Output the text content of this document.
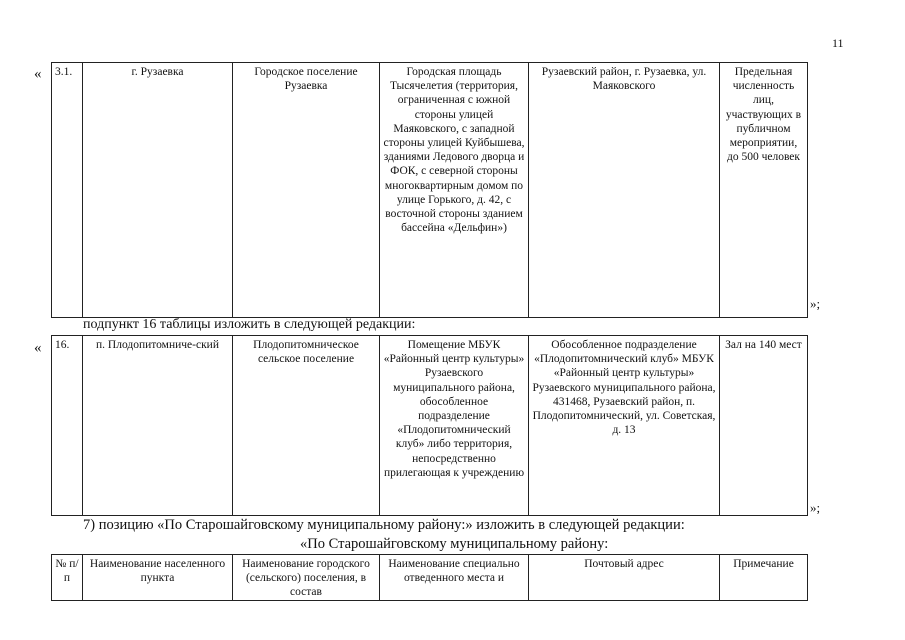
11
« 3.1.	г. Рузаевка	Городское поселение Рузаевка	Городская площадь Тысячелетия (территория, ограниченная с южной стороны улицей Маяковского, с западной стороны улицей Куйбышева, зданиями Ледового дворца и ФОК, с северной стороны многоквартирным домом по улице Горького, д. 42, с восточной стороны зданием бассейна «Дельфин»)	Рузаевский район, г. Рузаевка, ул. Маяковского	Предельная численность лиц, участвующих в публичном мероприятии, до 500 человек
»;
подпункт 16 таблицы изложить в следующей редакции:
« 16.	п. Плодопитомниче-ский	Плодопитомническое сельское поселение	Помещение МБУК «Районный центр культуры» Рузаевского муниципального района, обособленное подразделение «Плодопитомнический клуб» либо территория, непосредственно прилегающая к учреждению	Обособленное подразделение «Плодопитомнический клуб» МБУК «Районный центр культуры» Рузаевского муниципального района, 431468, Рузаевский район, п. Плодопитомнический, ул. Советская, д. 13	Зал на 140 мест
»;
7) позицию «По Старошайговскому муниципальному району:» изложить в следующей редакции:
«По Старошайговскому муниципальному району:
№ п/п	Наименование населенного пункта	Наименование городского (сельского) поселения, в состав	Наименование специально отведенного места и	Почтовый адрес	Примечание
